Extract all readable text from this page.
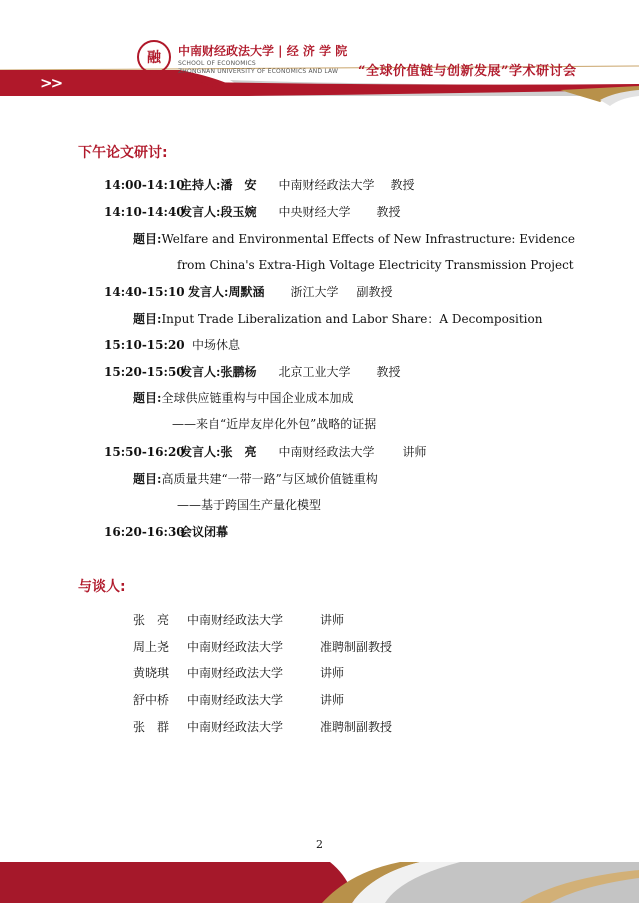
融	中南财经政法大学 | 经 济 学 院
SCHOOL OF ECONOMICS
ZHONGNAN UNIVERSITY OF ECONOMICS AND LAW “全球价值链与创新发展”学术研讨会
>>
下午论文研讨:
14:00-14:10主持人:潘　安 中南财经政法大学 教授
14:10-14:40发言人:段玉婉 中央财经大学 教授
题目:Welfare and Environmental Effects of New Infrastructure: Evidence
from China's Extra-High Voltage Electricity Transmission Project
14:40-15:10 发言人:周默涵 浙江大学 副教授
题目:Input Trade Liberalization and Labor Share：A Decomposition
15:10-15:20 中场休息
15:20-15:50发言人:张鹏杨 北京工业大学 教授
题目:全球供应链重构与中国企业成本加成
——来自“近岸友岸化外包”战略的证据
15:50-16:20发言人:张　亮 中南财经政法大学 讲师
题目:高质量共建“一带一路”与区域价值链重构
——基于跨国生产量化模型
16:20-16:30会议闭幕
与谈人:
张　亮 中南财经政法大学	讲师
周上尧 中南财经政法大学	准聘制副教授
黄晓琪 中南财经政法大学	讲师
舒中桥 中南财经政法大学	讲师
张　群 中南财经政法大学	准聘制副教授
2
